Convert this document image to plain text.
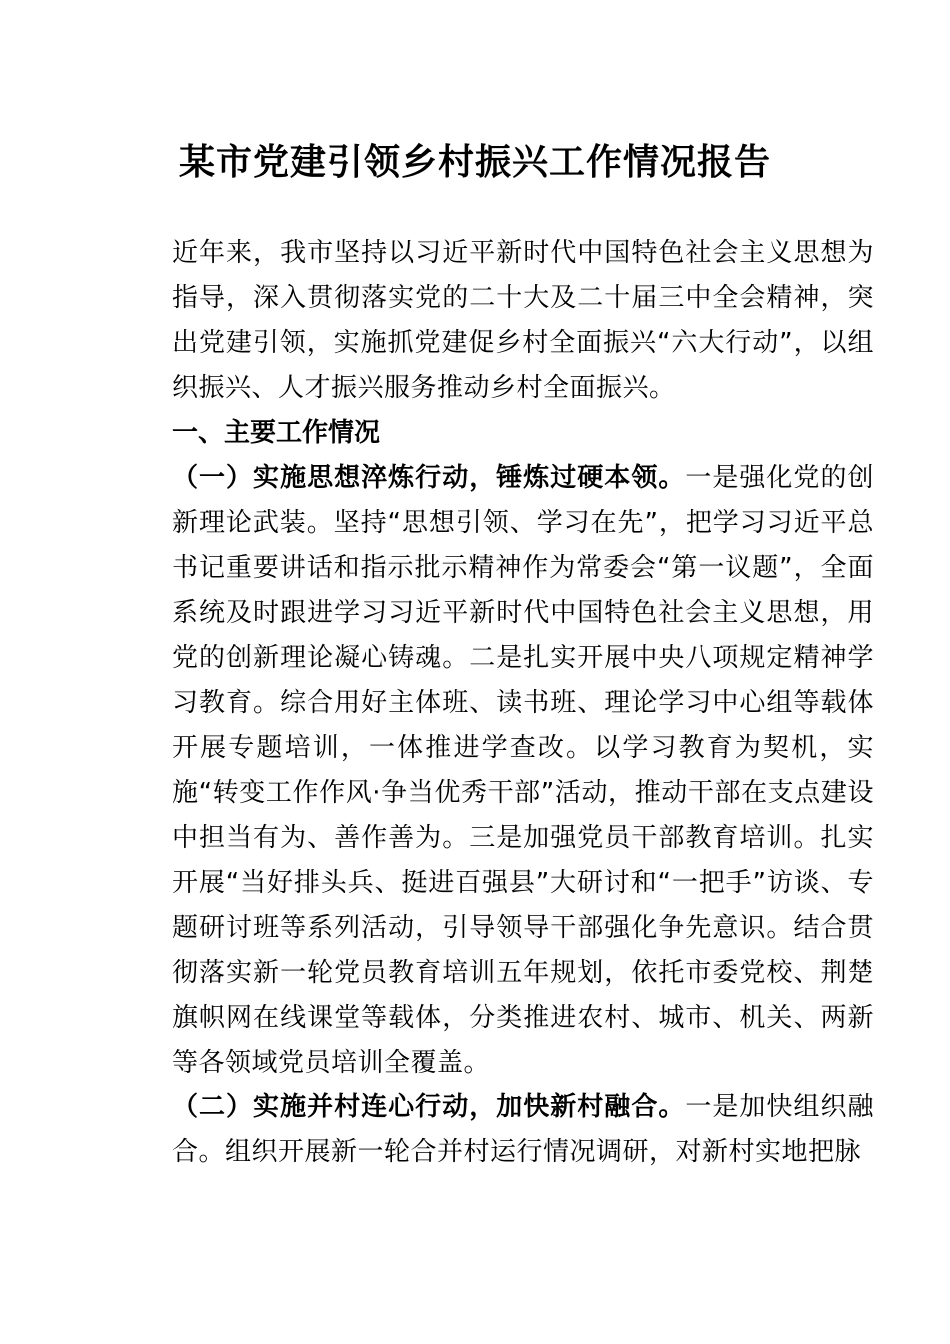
某市党建引领乡村振兴工作情况报告

近年来，我市坚持以习近平新时代中国特色社会主义思想为指导，深入贯彻落实党的二十大及二十届三中全会精神，突出党建引领，实施抓党建促乡村全面振兴“六大行动”，以组织振兴、人才振兴服务推动乡村全面振兴。

一、主要工作情况

（一）实施思想淬炼行动，锤炼过硬本领。一是强化党的创新理论武装。坚持“思想引领、学习在先”，把学习习近平总书记重要讲话和指示批示精神作为常委会“第一议题”，全面系统及时跟进学习习近平新时代中国特色社会主义思想，用党的创新理论凝心铸魂。二是扎实开展中央八项规定精神学习教育。综合用好主体班、读书班、理论学习中心组等载体开展专题培训，一体推进学查改。以学习教育为契机，实施“转变工作作风·争当优秀干部”活动，推动干部在支点建设中担当有为、善作善为。三是加强党员干部教育培训。扎实开展“当好排头兵、挺进百强县”大研讨和“一把手”访谈、专题研讨班等系列活动，引导领导干部强化争先意识。结合贯彻落实新一轮党员教育培训五年规划，依托市委党校、荆楚旗帜网在线课堂等载体，分类推进农村、城市、机关、两新等各领域党员培训全覆盖。

（二）实施并村连心行动，加快新村融合。一是加快组织融合。组织开展新一轮合并村运行情况调研，对新村实地把脉
